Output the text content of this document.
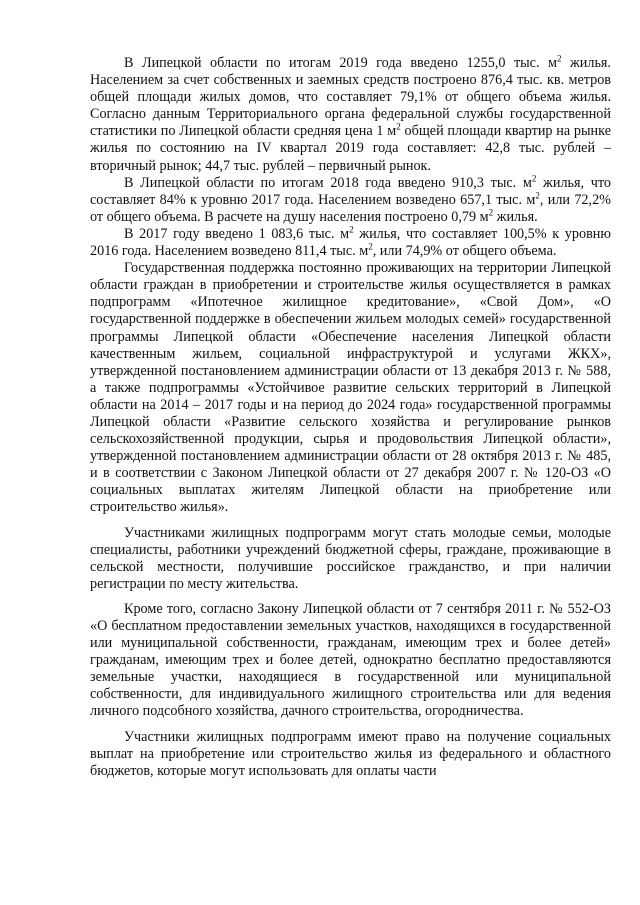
В Липецкой области по итогам 2019 года введено 1255,0 тыс. $м^2$ жилья. Населением за счет собственных и заемных средств построено 876,4 тыс. кв. метров общей площади жилых домов, что составляет 79,1% от общего объема жилья. Согласно данным Территориального органа федеральной службы государственной статистики по Липецкой области средняя цена 1 $м^2$ общей площади квартир на рынке жилья по состоянию на IV квартал 2019 года составляет: 42,8 тыс. рублей – вторичный рынок; 44,7 тыс. рублей – первичный рынок.

В Липецкой области по итогам 2018 года введено 910,3 тыс. $м^2$ жилья, что составляет 84% к уровню 2017 года. Населением возведено 657,1 тыс. $м^2$, или 72,2% от общего объема. В расчете на душу населения построено 0,79 $м^2$ жилья.

В 2017 году введено 1 083,6 тыс. $м^2$ жилья, что составляет 100,5% к уровню 2016 года. Населением возведено 811,4 тыс. $м^2$, или 74,9% от общего объема.

Государственная поддержка постоянно проживающих на территории Липецкой области граждан в приобретении и строительстве жилья осуществляется в рамках подпрограмм «Ипотечное жилищное кредитование», «Свой Дом», «О государственной поддержке в обеспечении жильем молодых семей» государственной программы Липецкой области «Обеспечение населения Липецкой области качественным жильем, социальной инфраструктурой и услугами ЖКХ», утвержденной постановлением администрации области от 13 декабря 2013 г. № 588, а также подпрограммы «Устойчивое развитие сельских территорий в Липецкой области на 2014 – 2017 годы и на период до 2024 года» государственной программы Липецкой области «Развитие сельского хозяйства и регулирование рынков сельскохозяйственной продукции, сырья и продовольствия Липецкой области», утвержденной постановлением администрации области от 28 октября 2013 г. № 485, и в соответствии с Законом Липецкой области от 27 декабря 2007 г. № 120-ОЗ «О социальных выплатах жителям Липецкой области на приобретение или строительство жилья».

Участниками жилищных подпрограмм могут стать молодые семьи, молодые специалисты, работники учреждений бюджетной сферы, граждане, проживающие в сельской местности, получившие российское гражданство, и при наличии регистрации по месту жительства.

Кроме того, согласно Закону Липецкой области от 7 сентября 2011 г. № 552-ОЗ «О бесплатном предоставлении земельных участков, находящихся в государственной или муниципальной собственности, гражданам, имеющим трех и более детей» гражданам, имеющим трех и более детей, однократно бесплатно предоставляются земельные участки, находящиеся в государственной или муниципальной собственности, для индивидуального жилищного строительства или для ведения личного подсобного хозяйства, дачного строительства, огородничества.

Участники жилищных подпрограмм имеют право на получение социальных выплат на приобретение или строительство жилья из федерального и областного бюджетов, которые могут использовать для оплаты части
